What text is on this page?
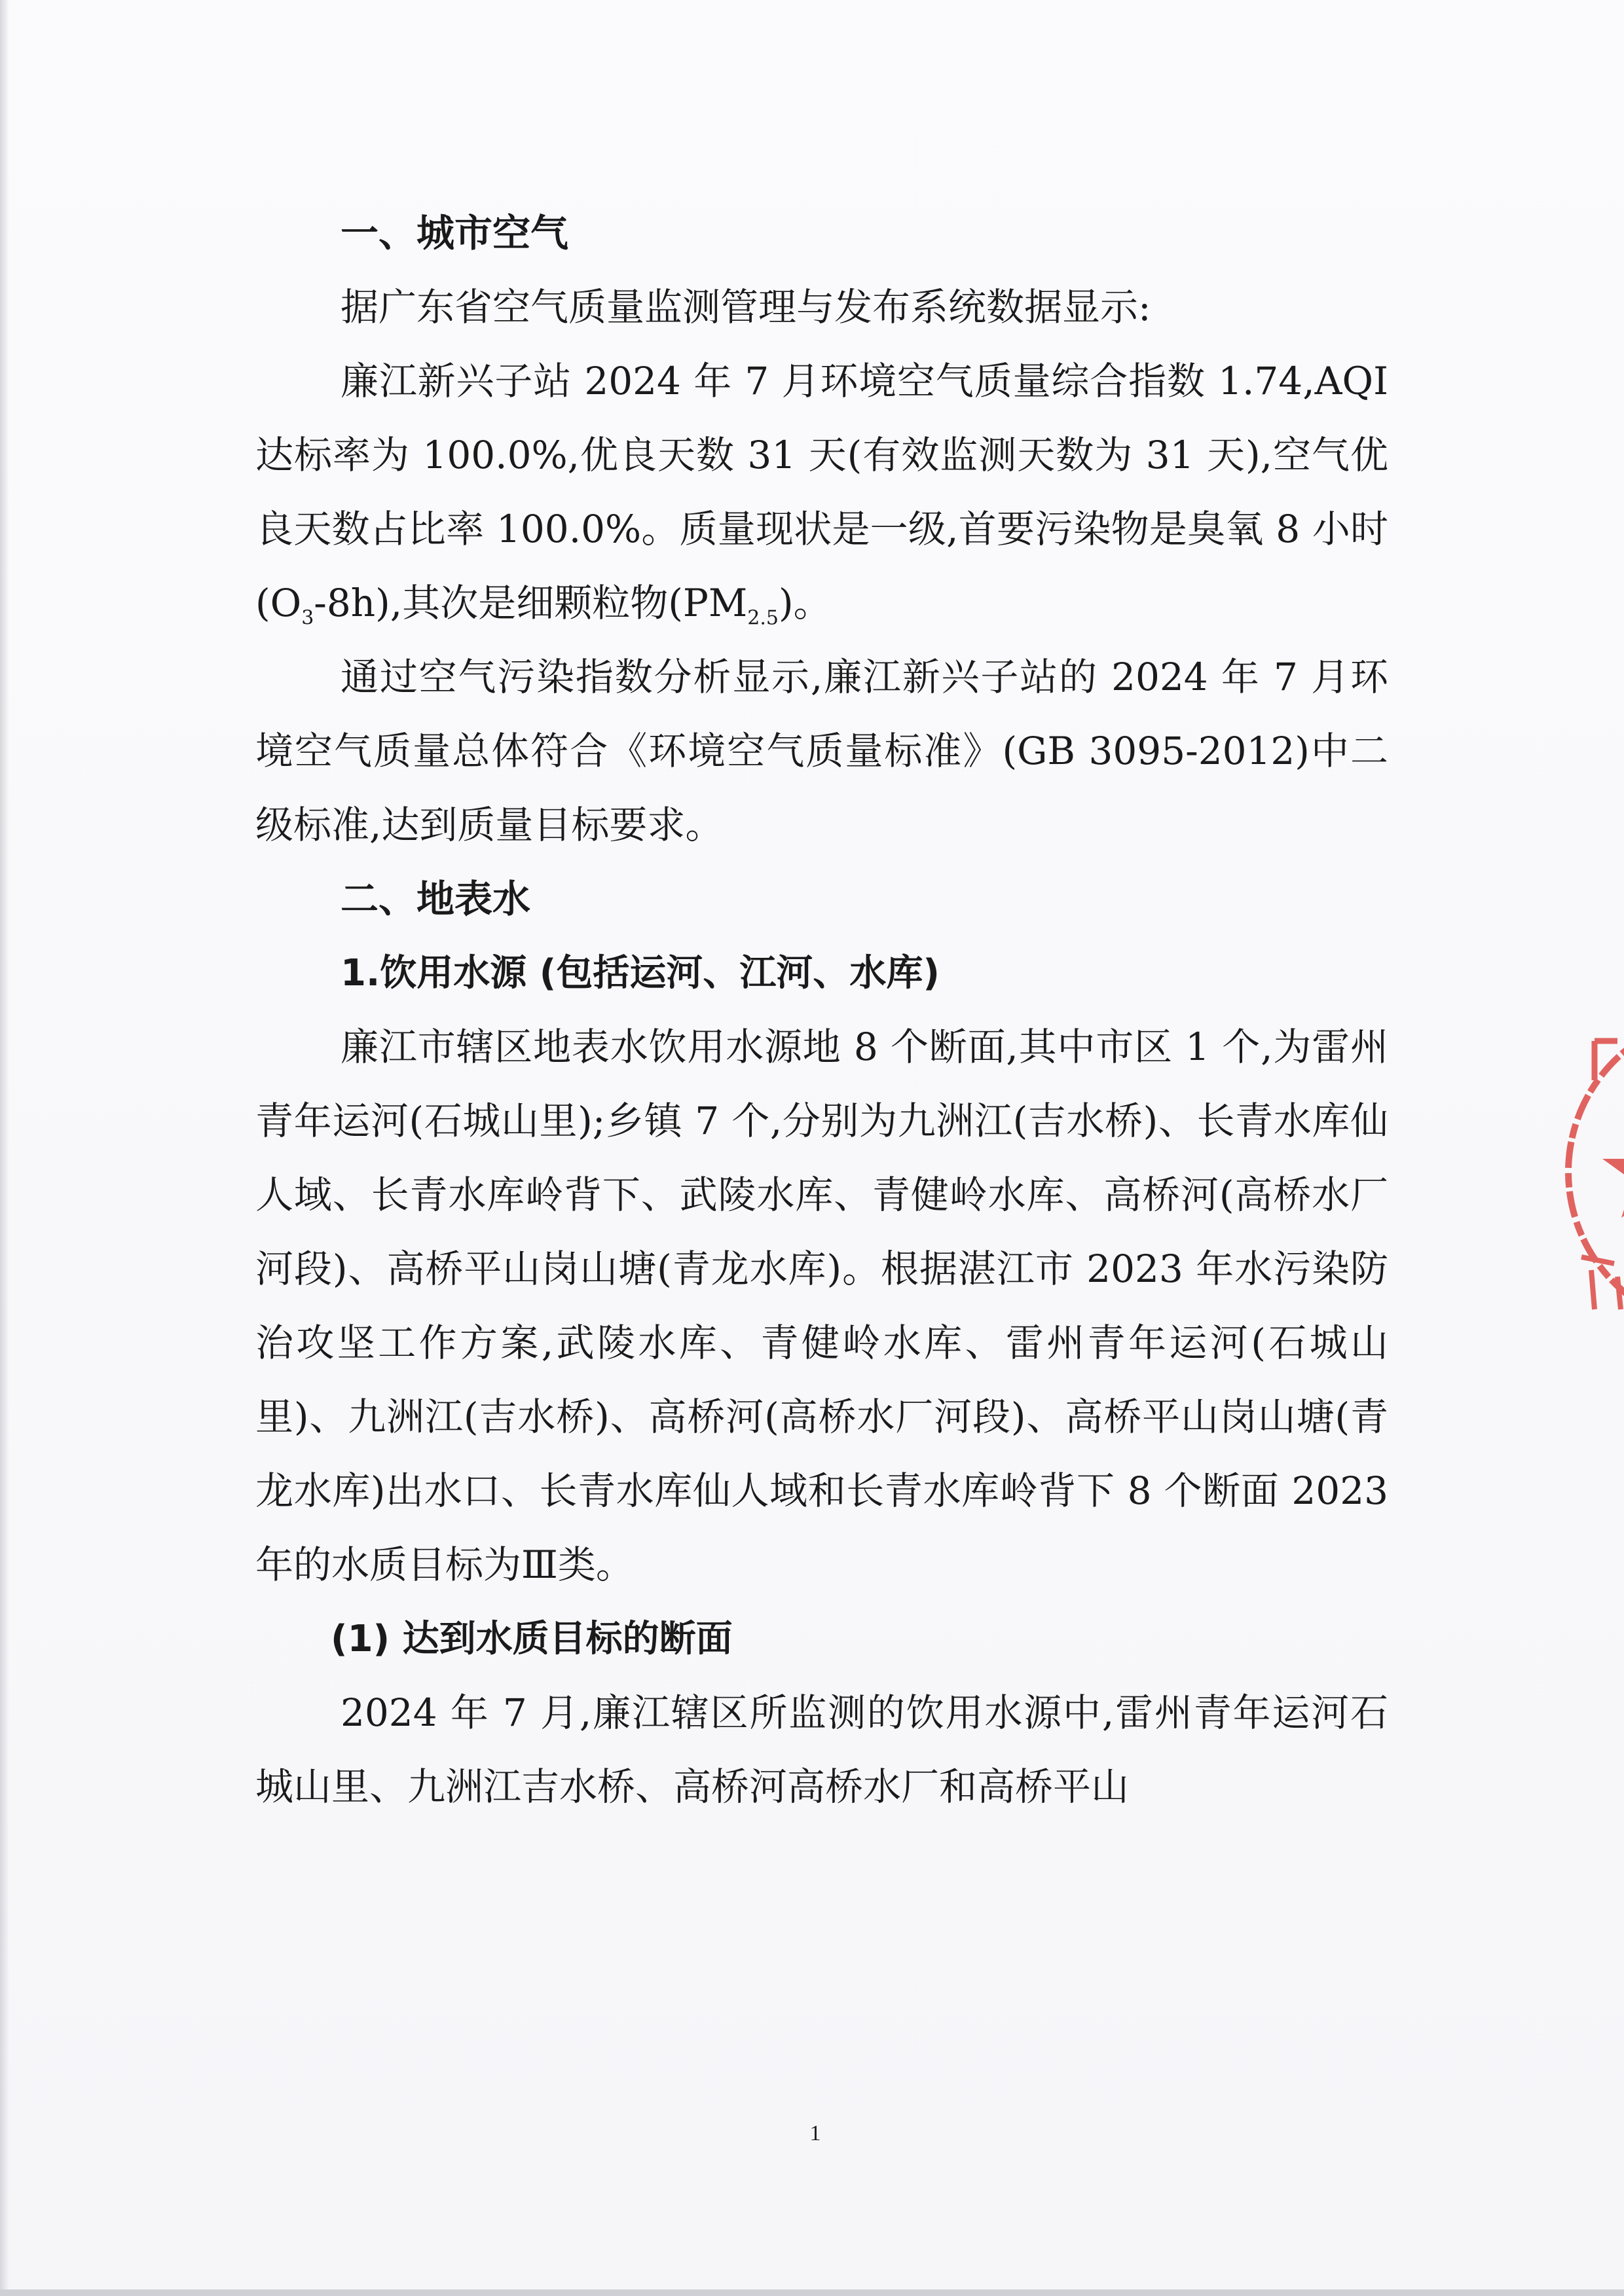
一、城市空气

据广东省空气质量监测管理与发布系统数据显示:

廉江新兴子站 2024 年 7 月环境空气质量综合指数 1.74,AQI 达标率为 100.0%,优良天数 31 天(有效监测天数为 31 天),空气优良天数占比率 100.0%。质量现状是一级,首要污染物是臭氧 8 小时$(O_3-8h)$,其次是细颗粒物$(PM_{2.5})$。

通过空气污染指数分析显示,廉江新兴子站的 2024 年 7 月环境空气质量总体符合《环境空气质量标准》(GB 3095-2012)中二级标准,达到质量目标要求。

二、地表水
1.饮用水源 (包括运河、江河、水库)

廉江市辖区地表水饮用水源地 8 个断面,其中市区 1 个,为雷州青年运河(石城山里);乡镇 7 个,分别为九洲江(吉水桥)、长青水库仙人域、长青水库岭背下、武陵水库、青健岭水库、高桥河(高桥水厂河段)、高桥平山岗山塘(青龙水库)。根据湛江市 2023 年水污染防治攻坚工作方案,武陵水库、青健岭水库、雷州青年运河(石城山里)、九洲江(吉水桥)、高桥河(高桥水厂河段)、高桥平山岗山塘(青龙水库)出水口、长青水库仙人域和长青水库岭背下 8 个断面 2023 年的水质目标为Ⅲ类。

(1) 达到水质目标的断面

2024 年 7 月,廉江辖区所监测的饮用水源中,雷州青年运河石城山里、九洲江吉水桥、高桥河高桥水厂和高桥平山

1
